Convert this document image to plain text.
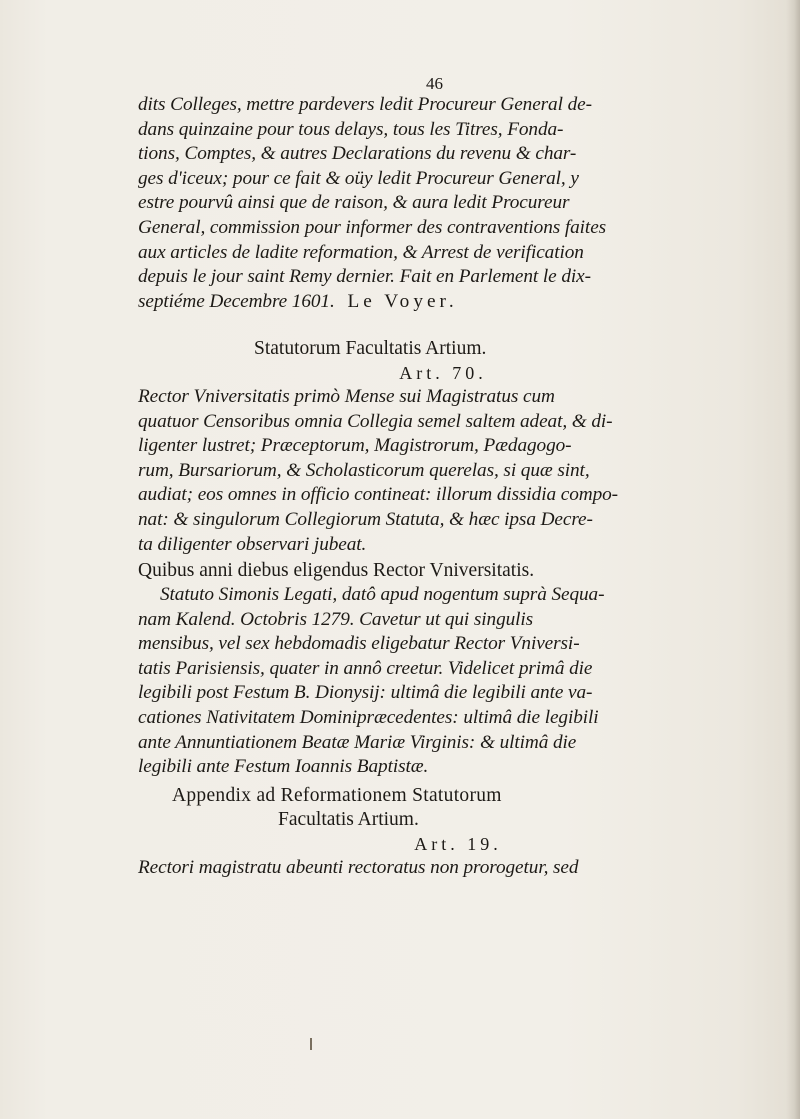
46

dits Colleges, mettre pardevers ledit Procureur General de-

dans quinzaine pour tous delays, tous les Titres, Fonda-

tions, Comptes, & autres Declarations du revenu & char-

ges d'iceux; pour ce fait & oüy ledit Procureur General, y

estre pourvû ainsi que de raison, & aura ledit Procureur

General, commission pour informer des contraventions faites

aux articles de ladite reformation, & Arrest de verification

depuis le jour saint Remy dernier. Fait en Parlement le dix-

septiéme Decembre 1601. Le Voyer.

Statutorum Facultatis Artium.

Art. 70.

Rector Vniversitatis primò Mense sui Magistratus cum

quatuor Censoribus omnia Collegia semel saltem adeat, & di-

ligenter lustret; Præceptorum, Magistrorum, Pædagogo-

rum, Bursariorum, & Scholasticorum querelas, si quæ sint,

audiat; eos omnes in officio contineat: illorum dissidia compo-

nat: & singulorum Collegiorum Statuta, & hæc ipsa Decre-

ta diligenter observari jubeat.

Quibus anni diebus eligendus Rector Vniversitatis.

Statuto Simonis Legati, datô apud nogentum suprà Sequa-

nam Kalend. Octobris 1279. Cavetur ut qui singulis

mensibus, vel sex hebdomadis eligebatur Rector Vniversi-

tatis Parisiensis, quater in annô creetur. Videlicet primâ die

legibili post Festum B. Dionysij: ultimâ die legibili ante va-

cationes Nativitatem Dominipræcedentes: ultimâ die legibili

ante Annuntiationem Beatæ Mariæ Virginis: & ultimâ die

legibili ante Festum Ioannis Baptistæ.

Appendix ad Reformationem Statutorum

Facultatis Artium.

Art. 19.

Rectori magistratu abeunti rectoratus non prorogetur, sed
